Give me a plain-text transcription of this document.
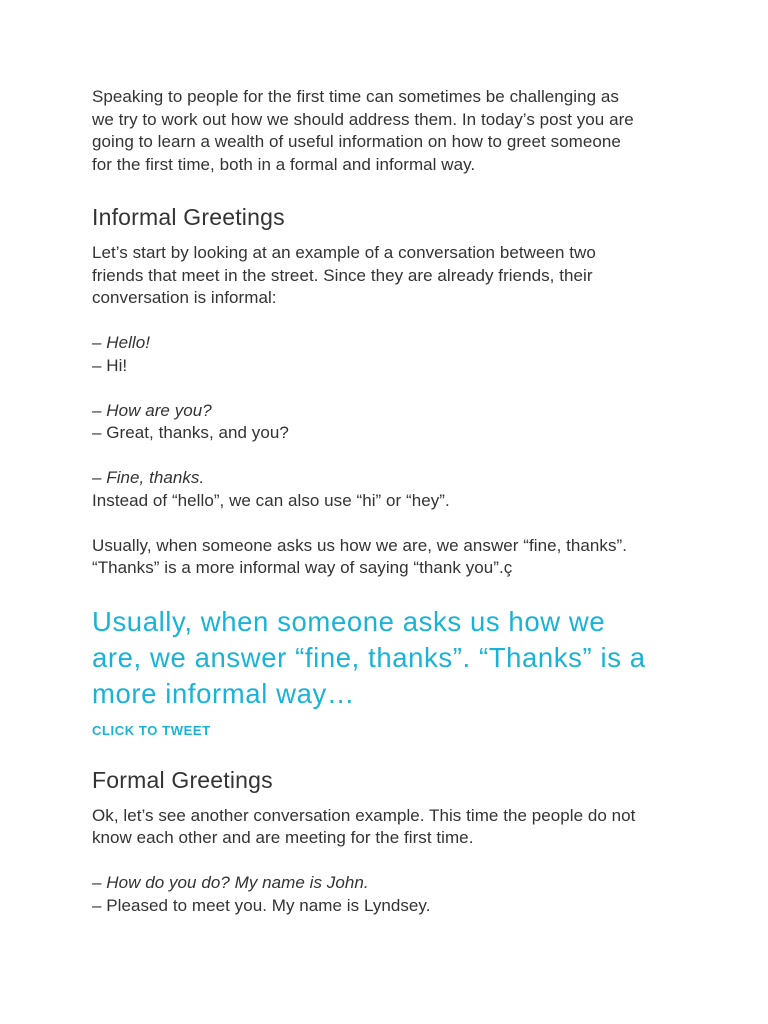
Speaking to people for the first time can sometimes be challenging as
we try to work out how we should address them. In today’s post you are
going to learn a wealth of useful information on how to greet someone
for the first time, both in a formal and informal way.

Informal Greetings

Let’s start by looking at an example of a conversation between two
friends that meet in the street. Since they are already friends, their
conversation is informal:
– Hello!
– Hi!
– How are you?
– Great, thanks, and you?
– Fine, thanks.
Instead of “hello”, we can also use “hi” or “hey”.
Usually, when someone asks us how we are, we answer “fine, thanks”.
“Thanks” is a more informal way of saying “thank you”.ç

Usually, when someone asks us how we
are, we answer “fine, thanks”. “Thanks” is a
more informal way…
CLICK TO TWEET
Formal Greetings

Ok, let’s see another conversation example. This time the people do not
know each other and are meeting for the first time.
– How do you do? My name is John.
– Pleased to meet you. My name is Lyndsey.
